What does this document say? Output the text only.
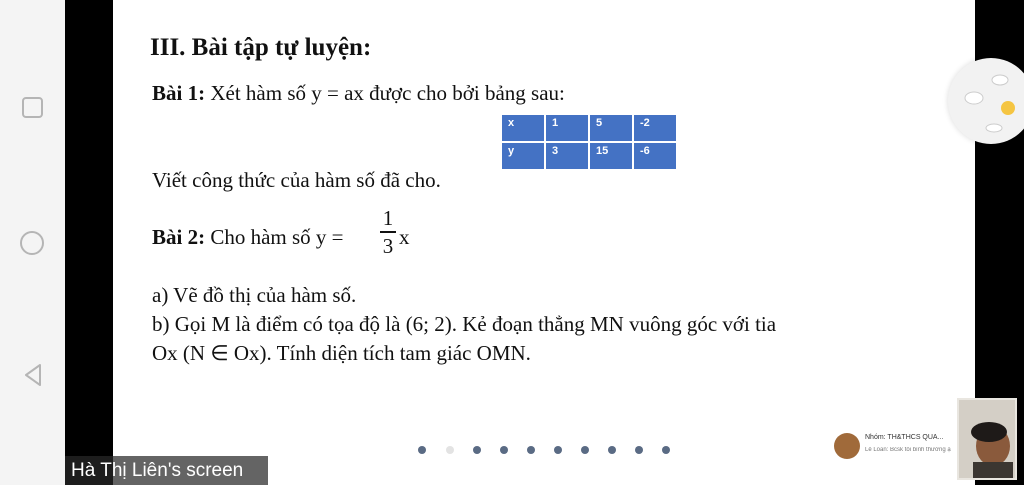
III. Bài tập tự luyện:
Bài 1: Xét hàm số y = ax được cho bởi bảng sau:
x	1	5	-2
y	3	15	-6
Viết công thức của hàm số đã cho.
Bài 2: Cho hàm số y =
1
3 x
a) Vẽ đồ thị của hàm số.
b) Gọi M là điểm có tọa độ là (6; 2). Kẻ đoạn thẳng MN vuông góc với tia
Ox (N ∈ Ox). Tính diện tích tam giác OMN.
Hà Thị Liên's screen
Nhóm: TH&THCS QUA...
Lê Loan: Bcsk tôi bình thường ạ
